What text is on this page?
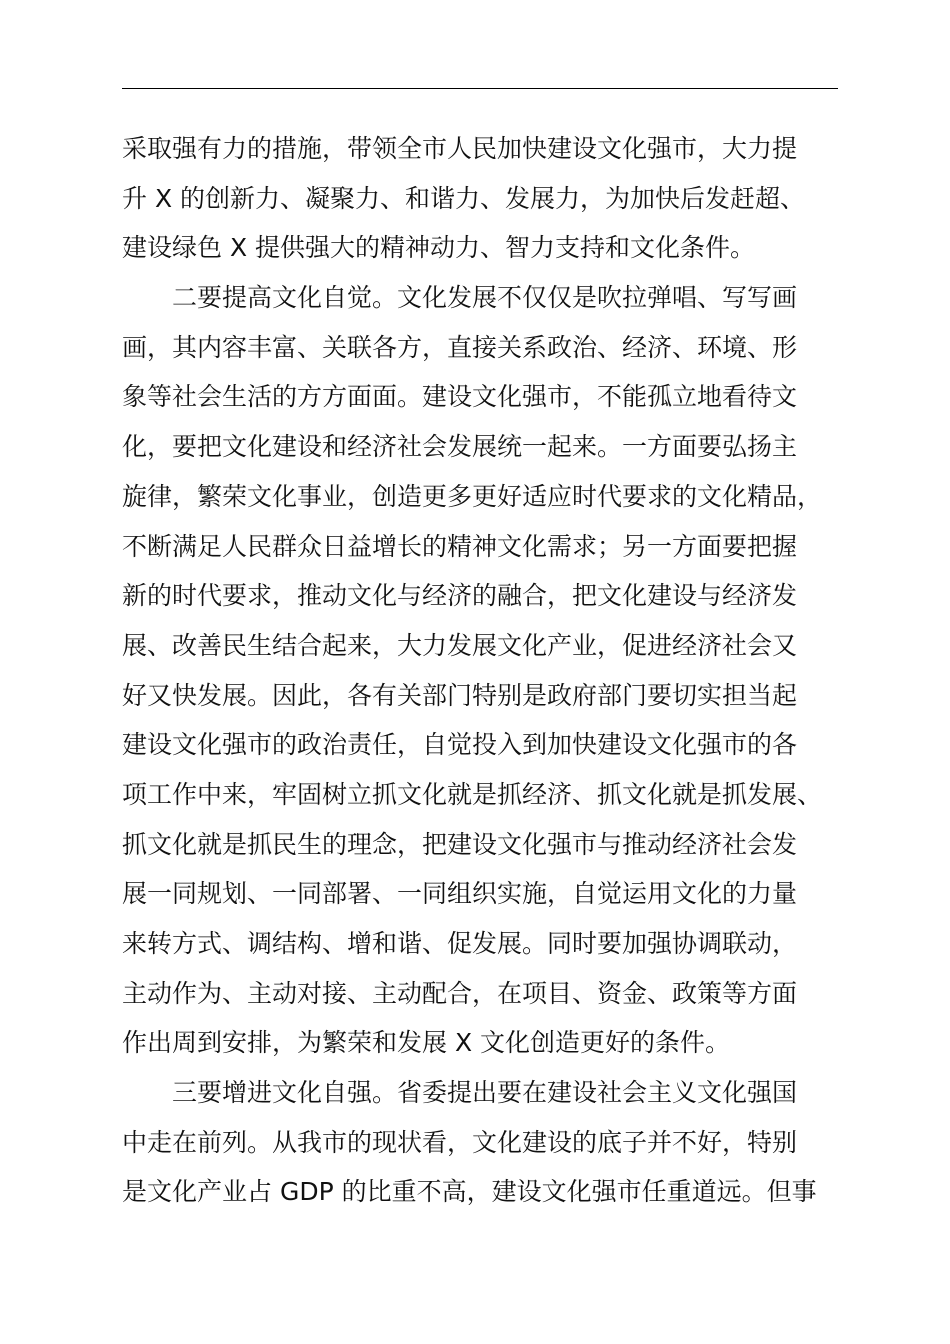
采取强有力的措施，带领全市人民加快建设文化强市，大力提
升 X 的创新力、凝聚力、和谐力、发展力，为加快后发赶超、
建设绿色 X 提供强大的精神动力、智力支持和文化条件。
二要提高文化自觉。文化发展不仅仅是吹拉弹唱、写写画
画，其内容丰富、关联各方，直接关系政治、经济、环境、形
象等社会生活的方方面面。建设文化强市，不能孤立地看待文
化，要把文化建设和经济社会发展统一起来。一方面要弘扬主
旋律，繁荣文化事业，创造更多更好适应时代要求的文化精品，
不断满足人民群众日益增长的精神文化需求；另一方面要把握
新的时代要求，推动文化与经济的融合，把文化建设与经济发
展、改善民生结合起来，大力发展文化产业，促进经济社会又
好又快发展。因此，各有关部门特别是政府部门要切实担当起
建设文化强市的政治责任，自觉投入到加快建设文化强市的各
项工作中来，牢固树立抓文化就是抓经济、抓文化就是抓发展、
抓文化就是抓民生的理念，把建设文化强市与推动经济社会发
展一同规划、一同部署、一同组织实施，自觉运用文化的力量
来转方式、调结构、增和谐、促发展。同时要加强协调联动，
主动作为、主动对接、主动配合，在项目、资金、政策等方面
作出周到安排，为繁荣和发展 X 文化创造更好的条件。
三要增进文化自强。省委提出要在建设社会主义文化强国
中走在前列。从我市的现状看，文化建设的底子并不好，特别
是文化产业占 GDP 的比重不高，建设文化强市任重道远。但事
